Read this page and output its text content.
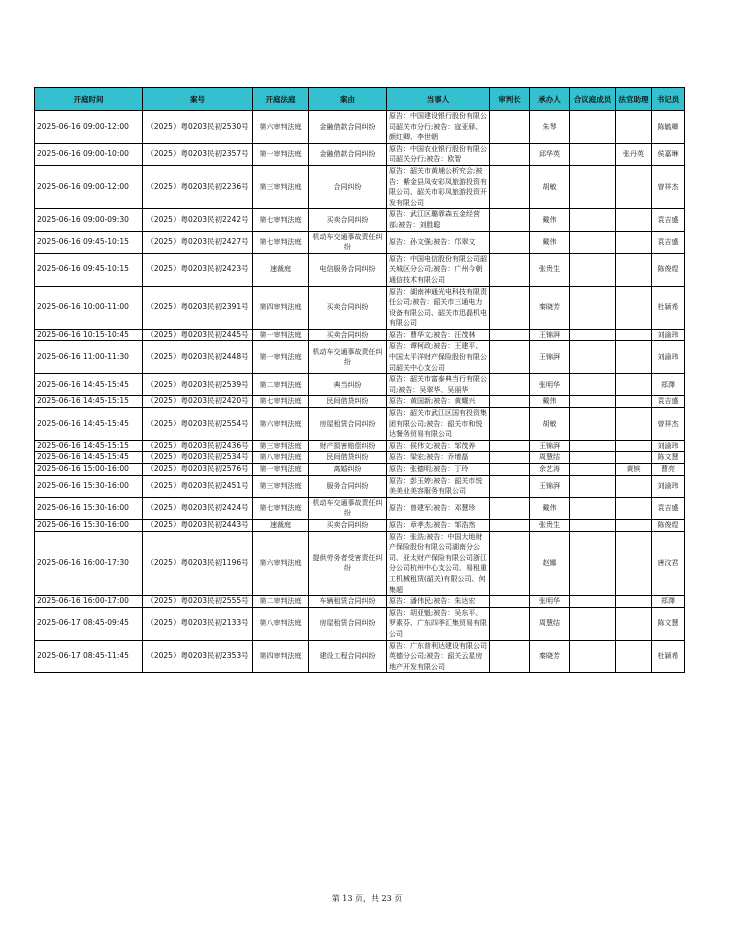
开庭时间	案号	开庭法庭	案由	当事人	审判长	承办人	合议庭成员	法官助理	书记员
2025-06-16 09:00-12:00	（2025）粤0203民初2530号	第六审判法庭	金融借款合同纠纷	原告：中国建设银行股份有限公司韶关市分行;被告：寇亚驿、颜红卿、李世朝		朱琴			陈毓卿
2025-06-16 09:00-10:00	（2025）粤0203民初2357号	第一审判法庭	金融借款合同纠纷	原告：中国农业银行股份有限公司韶关分行;被告：欧智		邱华英		张丹英	侯嘉琳
2025-06-16 09:00-12:00	（2025）粤0203民初2236号	第三审判法庭	合同纠纷	原告：韶关市黄埔公析究会;被告：紫金县凤安彩凤旅游投资有限公司、韶关市彩凤旅游投资开发有限公司		胡敏			曾祥杰
2025-06-16 09:00-09:30	（2025）粤0203民初2242号	第七审判法庭	买卖合同纠纷	原告：武江区璐霏森五金经营部;被告：刘胜聪		戴伟			袁吉盛
2025-06-16 09:45-10:15	（2025）粤0203民初2427号	第七审判法庭	机动车交通事故责任纠纷	原告：孙文强;被告：邝翠文		戴伟			袁吉盛
2025-06-16 09:45-10:15	（2025）粤0203民初2423号	速裁庭	电信服务合同纠纷	原告：中国电信股份有限公司韶关城区分公司;被告：广州今朝通信技术有限公司		张贵生			陈俊煜
2025-06-16 10:00-11:00	（2025）粤0203民初2391号	第四审判法庭	买卖合同纠纷	原告：湖南神通光电科技有限责任公司;被告：韶关市三通电力设备有限公司、韶关市迅磊机电有限公司		秦晓芳			杜颖希
2025-06-16 10:15-10:45	（2025）粤0203民初2445号	第一审判法庭	买卖合同纠纷	原告：曹华文;被告：汪茂林		王锦湃			刘渝玮
2025-06-16 11:00-11:30	（2025）粤0203民初2448号	第一审判法庭	机动车交通事故责任纠纷	原告：谭柯政;被告：王建平、中国太平洋财产保险股份有限公司韶关中心支公司		王锦湃			刘渝玮
2025-06-16 14:45-15:45	（2025）粤0203民初2539号	第二审判法庭	典当纠纷	原告：韶关市富泰典当行有限公司;被告：吴翠华、吴丽华		张明华			郑澤
2025-06-16 14:45-15:15	（2025）粤0203民初2420号	第七审判法庭	民间借贷纠纷	原告：黄国新;被告：黄耀兴		戴伟			袁吉盛
2025-06-16 14:45-15:45	（2025）粤0203民初2554号	第六审判法庭	房屋租赁合同纠纷	原告：韶关市武江区国有投资集团有限公司;被告：韶关市和悦达餐务贸易有限公司		胡敏			曾祥杰
2025-06-16 14:45-15:15	（2025）粤0203民初2436号	第三审判法庭	财产损害赔偿纠纷	原告：侯伟文;被告：邹茂养		王锦湃			刘渝玮
2025-06-16 14:45-15:45	（2025）粤0203民初2534号	第八审判法庭	民间借贷纠纷	原告：梁宏;被告：乔增磊		周慧结			陈文慧
2025-06-16 15:00-16:00	（2025）粤0203民初2576号	第一审判法庭	离婚纠纷	原告：张德明;被告：丁玲		余艺涛		黄镔	曹亮
2025-06-16 15:30-16:00	（2025）粤0203民初2451号	第三审判法庭	服务合同纠纷	原告：彭玉婷;被告：韶关市悦美美业美容服务有限公司		王锦湃			刘渝玮
2025-06-16 15:30-16:00	（2025）粤0203民初2424号	第七审判法庭	机动车交通事故责任纠纷	原告：曾建军;被告：邓慧珍		戴伟			袁吉盛
2025-06-16 15:30-16:00	（2025）粤0203民初2443号	速裁庭	买卖合同纠纷	原告：章孝杰;被告：邹浩然		张贵生			陈俊煜
2025-06-16 16:00-17:30	（2025）粤0203民初1196号	第六审判法庭	提供劳务者受害责任纠纷	原告：张浩;被告：中国大地财产保险股份有限公司湖南分公司、亚太财产保险有限公司浙江分公司杭州中心支公司、易租重工机械租赁(韶关)有限公司、何集超		赵娜			唐汶君
2025-06-16 16:00-17:00	（2025）粤0203民初2555号	第二审判法庭	车辆租赁合同纠纷	原告：潘伟民;被告：朱达宏		张明华			郑澤
2025-06-17 08:45-09:45	（2025）粤0203民初2133号	第八审判法庭	房屋租赁合同纠纷	原告：胡亚魁;被告：吴东平、罗素芬、广东四季汇集贸易有限公司		周慧结			陈文慧
2025-06-17 08:45-11:45	（2025）粤0203民初2353号	第四审判法庭	建设工程合同纠纷	原告：广东普利达建设有限公司英德分公司;被告：韶关云星房地产开发有限公司		秦晓芳			杜颖希
第 13 页，共 23 页
